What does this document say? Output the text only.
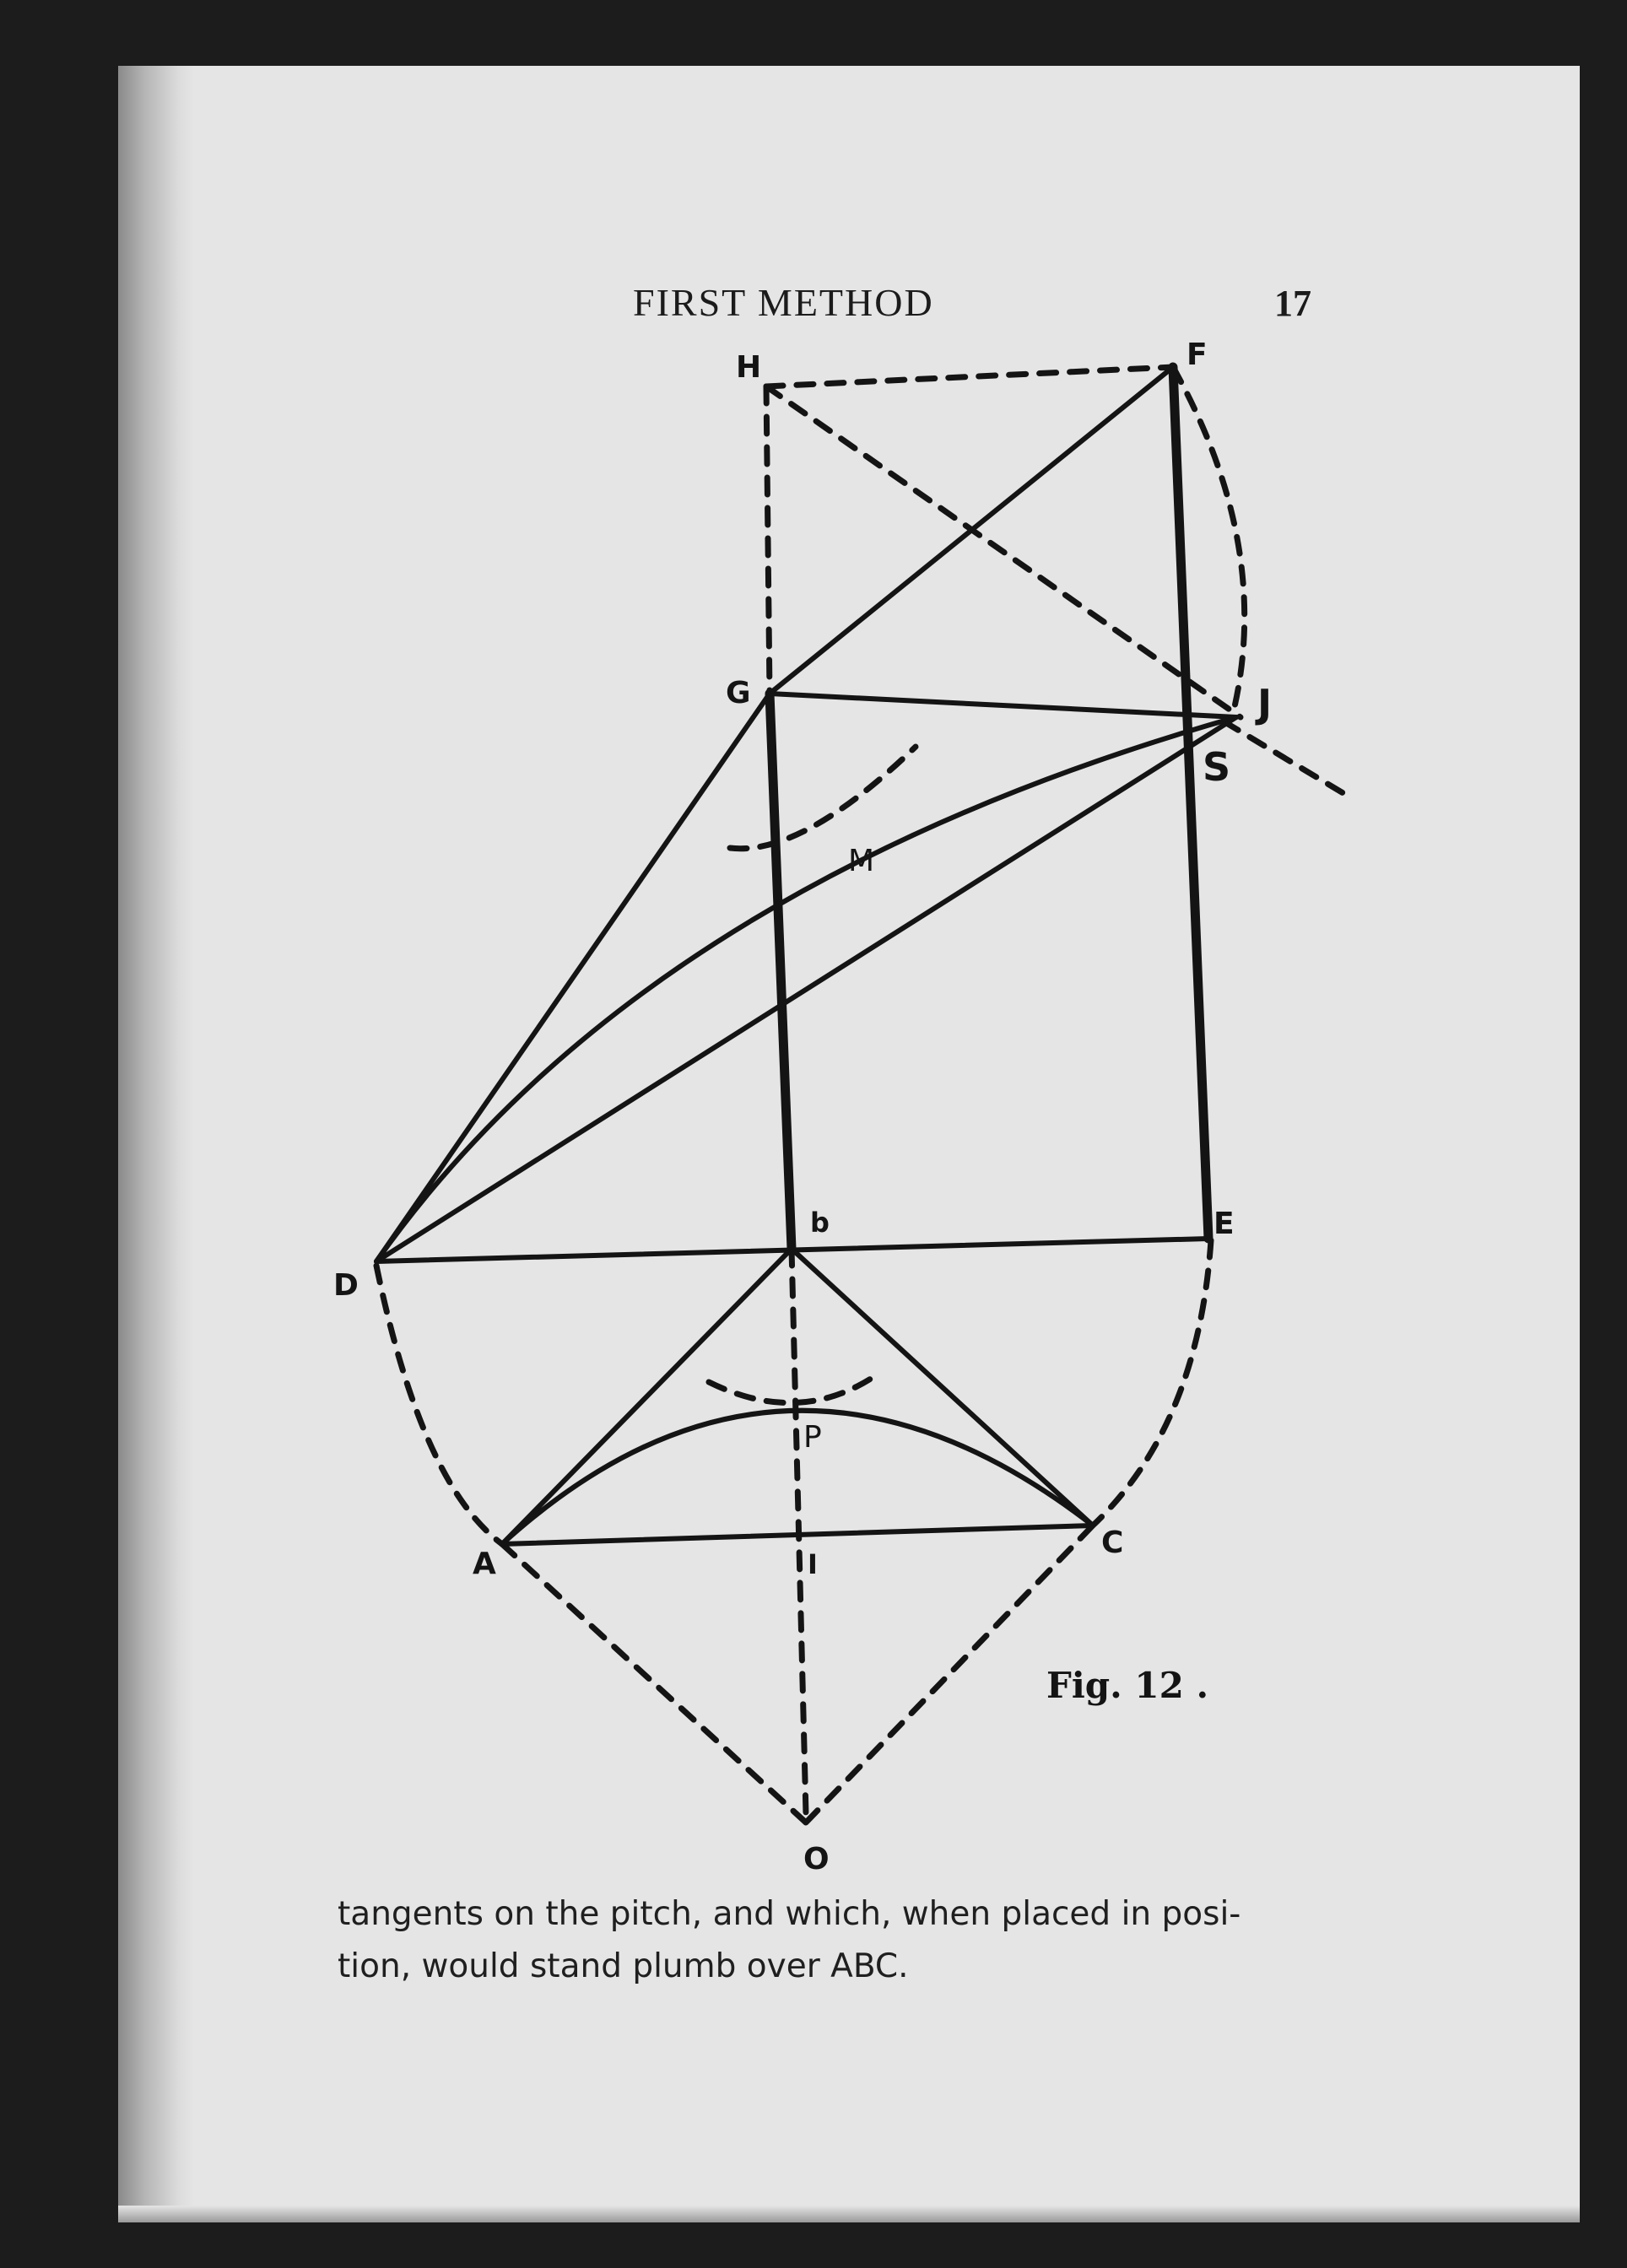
FIRST METHOD	17
H	F
G	J
S
M
D
b	E
P
A
C
I
O
Fig. 12 .

tangents on the pitch, and which, when placed in posi-
tion, would stand plumb over ABC.
